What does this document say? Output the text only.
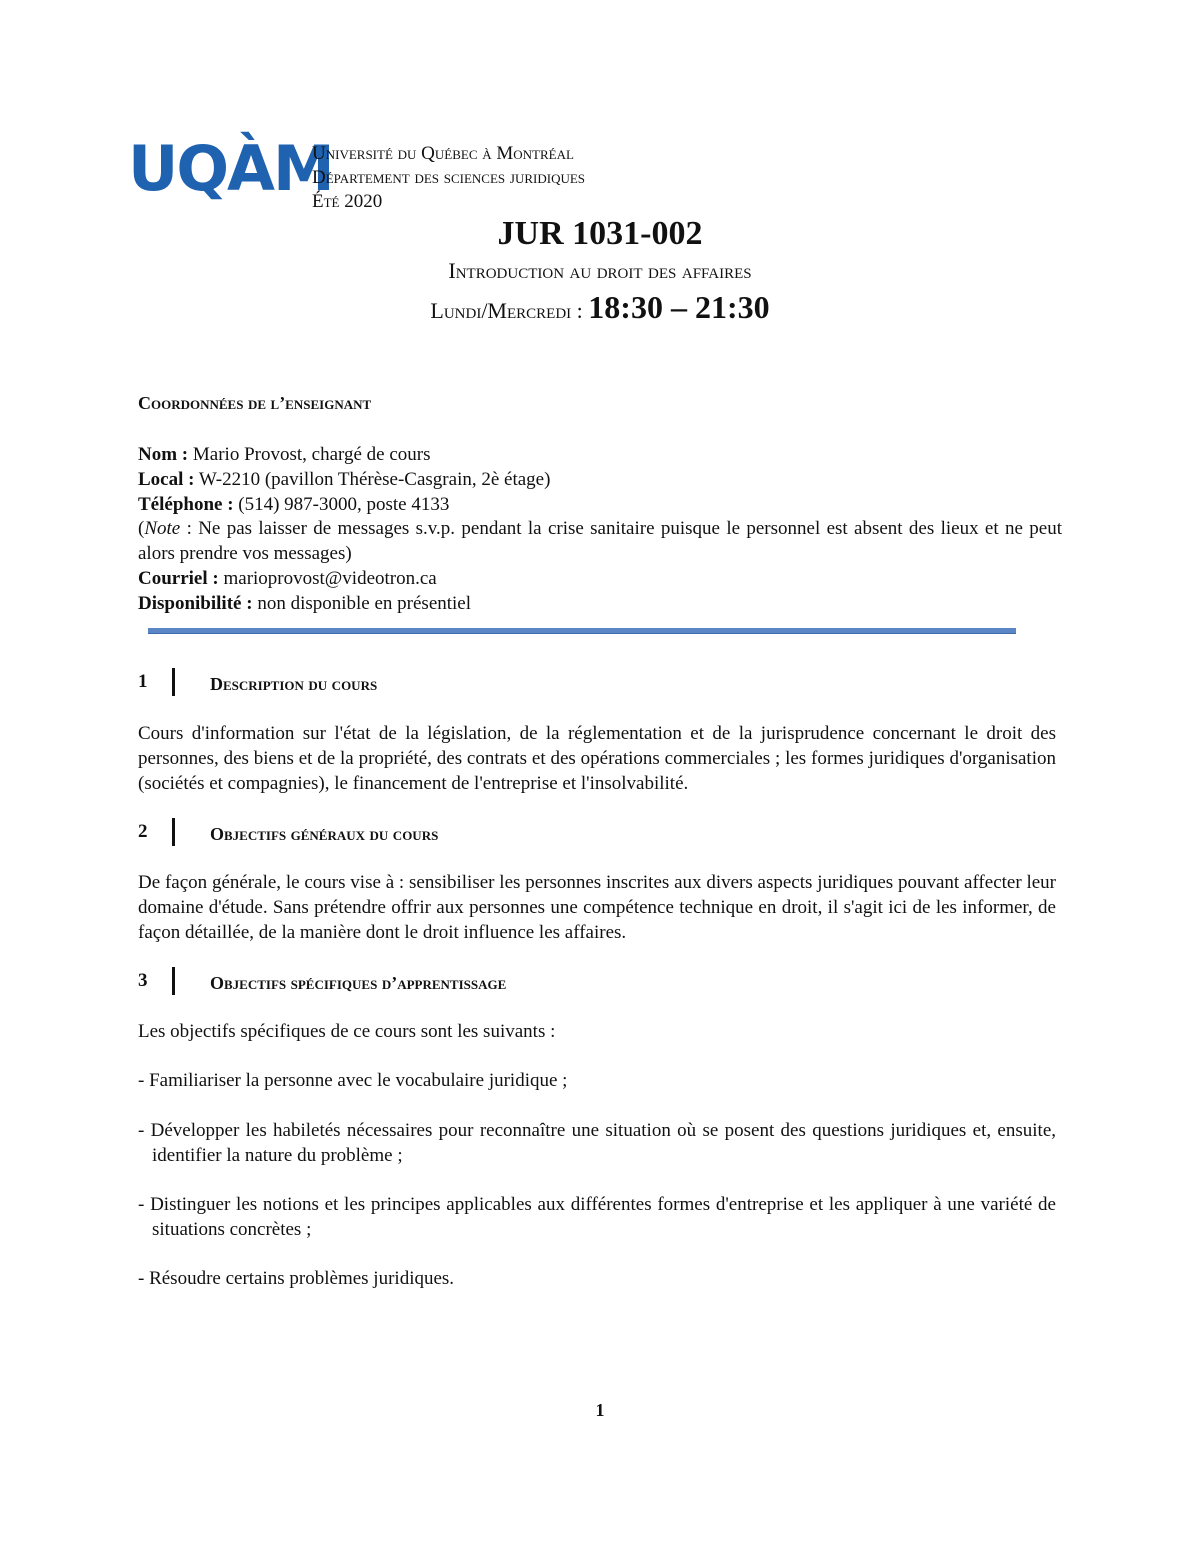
UQÀM
Université du Québec à Montréal
Département des sciences juridiques
Été 2020
JUR 1031-002
Introduction au droit des affaires
Lundi/Mercredi : 18:30 – 21:30
Coordonnées de l’enseignant
Nom : Mario Provost, chargé de cours
Local : W-2210 (pavillon Thérèse-Casgrain, 2è étage)
Téléphone : (514) 987-3000, poste 4133
(Note : Ne pas laisser de messages s.v.p. pendant la crise sanitaire puisque le personnel est absent des lieux et ne peut alors prendre vos messages)
Courriel : marioprovost@videotron.ca
Disponibilité : non disponible en présentiel
1	Description du cours
Cours d'information sur l'état de la législation, de la réglementation et de la jurisprudence concernant le droit des personnes, des biens et de la propriété, des contrats et des opérations commerciales ; les formes juridiques d'organisation (sociétés et compagnies), le financement de l'entreprise et l'insolvabilité.
2	Objectifs généraux du cours
De façon générale, le cours vise à : sensibiliser les personnes inscrites aux divers aspects juridiques pouvant affecter leur domaine d'étude. Sans prétendre offrir aux personnes une compétence technique en droit, il s'agit ici de les informer, de façon détaillée, de la manière dont le droit influence les affaires.
3	Objectifs spécifiques d’apprentissage
Les objectifs spécifiques de ce cours sont les suivants :
- Familiariser la personne avec le vocabulaire juridique ;
- Développer les habiletés nécessaires pour reconnaître une situation où se posent des questions juridiques et, ensuite, identifier la nature du problème ;
- Distinguer les notions et les principes applicables aux différentes formes d'entreprise et les appliquer à une variété de situations concrètes ;
- Résoudre certains problèmes juridiques.
1
